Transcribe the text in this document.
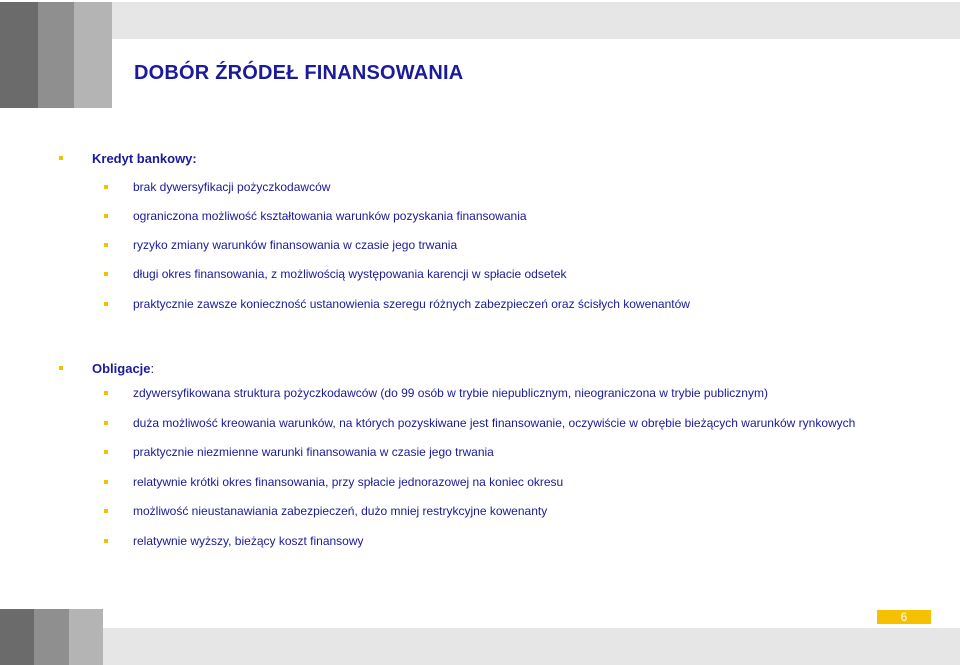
DOBÓR ŹRÓDEŁ FINANSOWANIA
Kredyt bankowy:
brak dywersyfikacji pożyczkodawców
ograniczona możliwość kształtowania warunków pozyskania finansowania
ryzyko zmiany warunków finansowania w czasie jego trwania
długi okres finansowania, z możliwością występowania karencji w spłacie odsetek
praktycznie zawsze konieczność ustanowienia szeregu różnych zabezpieczeń oraz ścisłych kowenantów
Obligacje:
zdywersyfikowana struktura pożyczkodawców (do 99 osób w trybie niepublicznym, nieograniczona w trybie publicznym)
duża możliwość kreowania warunków, na których pozyskiwane jest finansowanie, oczywiście w obrębie bieżących warunków rynkowych
praktycznie niezmienne warunki finansowania w czasie jego trwania
relatywnie krótki okres finansowania, przy spłacie jednorazowej na koniec okresu
możliwość nieustanawiania zabezpieczeń, dużo mniej restrykcyjne kowenanty
relatywnie wyższy, bieżący koszt finansowy
6
